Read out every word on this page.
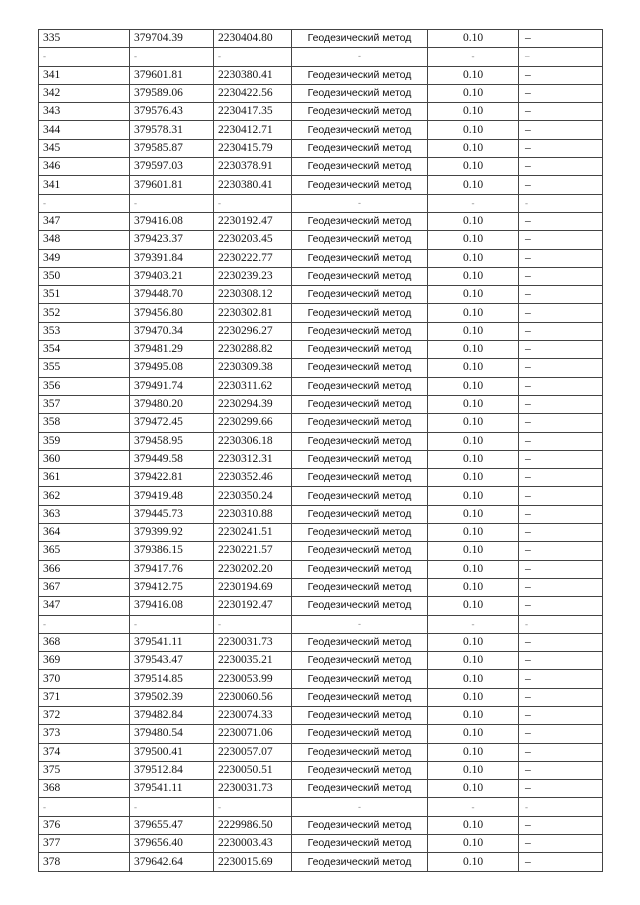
335	379704.39	2230404.80	Геодезический метод	0.10	–
-	-	-	-	-	–
341	379601.81	2230380.41	Геодезический метод	0.10	–
342	379589.06	2230422.56	Геодезический метод	0.10	–
343	379576.43	2230417.35	Геодезический метод	0.10	–
344	379578.31	2230412.71	Геодезический метод	0.10	–
345	379585.87	2230415.79	Геодезический метод	0.10	–
346	379597.03	2230378.91	Геодезический метод	0.10	–
341	379601.81	2230380.41	Геодезический метод	0.10	–
-	-	-	-	-	-
347	379416.08	2230192.47	Геодезический метод	0.10	–
348	379423.37	2230203.45	Геодезический метод	0.10	–
349	379391.84	2230222.77	Геодезический метод	0.10	–
350	379403.21	2230239.23	Геодезический метод	0.10	–
351	379448.70	2230308.12	Геодезический метод	0.10	–
352	379456.80	2230302.81	Геодезический метод	0.10	–
353	379470.34	2230296.27	Геодезический метод	0.10	–
354	379481.29	2230288.82	Геодезический метод	0.10	–
355	379495.08	2230309.38	Геодезический метод	0.10	–
356	379491.74	2230311.62	Геодезический метод	0.10	–
357	379480.20	2230294.39	Геодезический метод	0.10	–
358	379472.45	2230299.66	Геодезический метод	0.10	–
359	379458.95	2230306.18	Геодезический метод	0.10	–
360	379449.58	2230312.31	Геодезический метод	0.10	–
361	379422.81	2230352.46	Геодезический метод	0.10	–
362	379419.48	2230350.24	Геодезический метод	0.10	–
363	379445.73	2230310.88	Геодезический метод	0.10	–
364	379399.92	2230241.51	Геодезический метод	0.10	–
365	379386.15	2230221.57	Геодезический метод	0.10	–
366	379417.76	2230202.20	Геодезический метод	0.10	–
367	379412.75	2230194.69	Геодезический метод	0.10	–
347	379416.08	2230192.47	Геодезический метод	0.10	–
-	-	-	-	-	-
368	379541.11	2230031.73	Геодезический метод	0.10	–
369	379543.47	2230035.21	Геодезический метод	0.10	–
370	379514.85	2230053.99	Геодезический метод	0.10	–
371	379502.39	2230060.56	Геодезический метод	0.10	–
372	379482.84	2230074.33	Геодезический метод	0.10	–
373	379480.54	2230071.06	Геодезический метод	0.10	–
374	379500.41	2230057.07	Геодезический метод	0.10	–
375	379512.84	2230050.51	Геодезический метод	0.10	–
368	379541.11	2230031.73	Геодезический метод	0.10	–
-	-	-	-	-	-
376	379655.47	2229986.50	Геодезический метод	0.10	–
377	379656.40	2230003.43	Геодезический метод	0.10	–
378	379642.64	2230015.69	Геодезический метод	0.10	–
